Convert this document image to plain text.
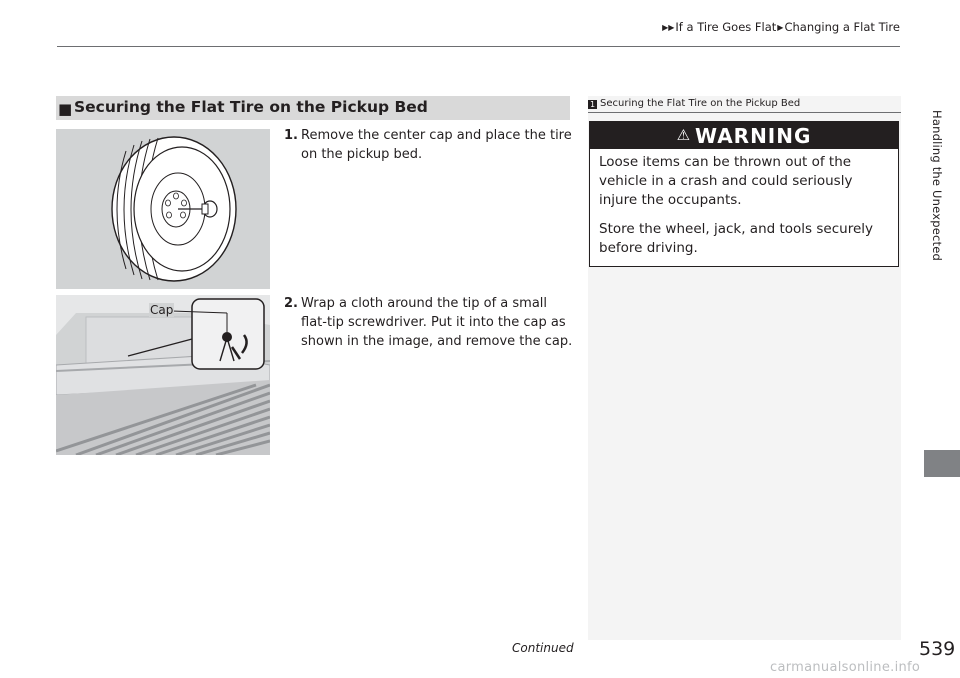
▶▶If a Tire Goes Flat▶Changing a Flat Tire
Handling the Unexpected
■ Securing the Flat Tire on the Pickup Bed
Cap
1. Remove the center cap and place the tire on the pickup bed.
2. Wrap a cloth around the tip of a small flat-tip screwdriver. Put it into the cap as shown in the image, and remove the cap.
1 Securing the Flat Tire on the Pickup Bed
⚠ WARNING

Loose items can be thrown out of the vehicle in a crash and could seriously injure the occupants.

Store the wheel, jack, and tools securely before driving.

Continued	539
carmanualsonline.info
